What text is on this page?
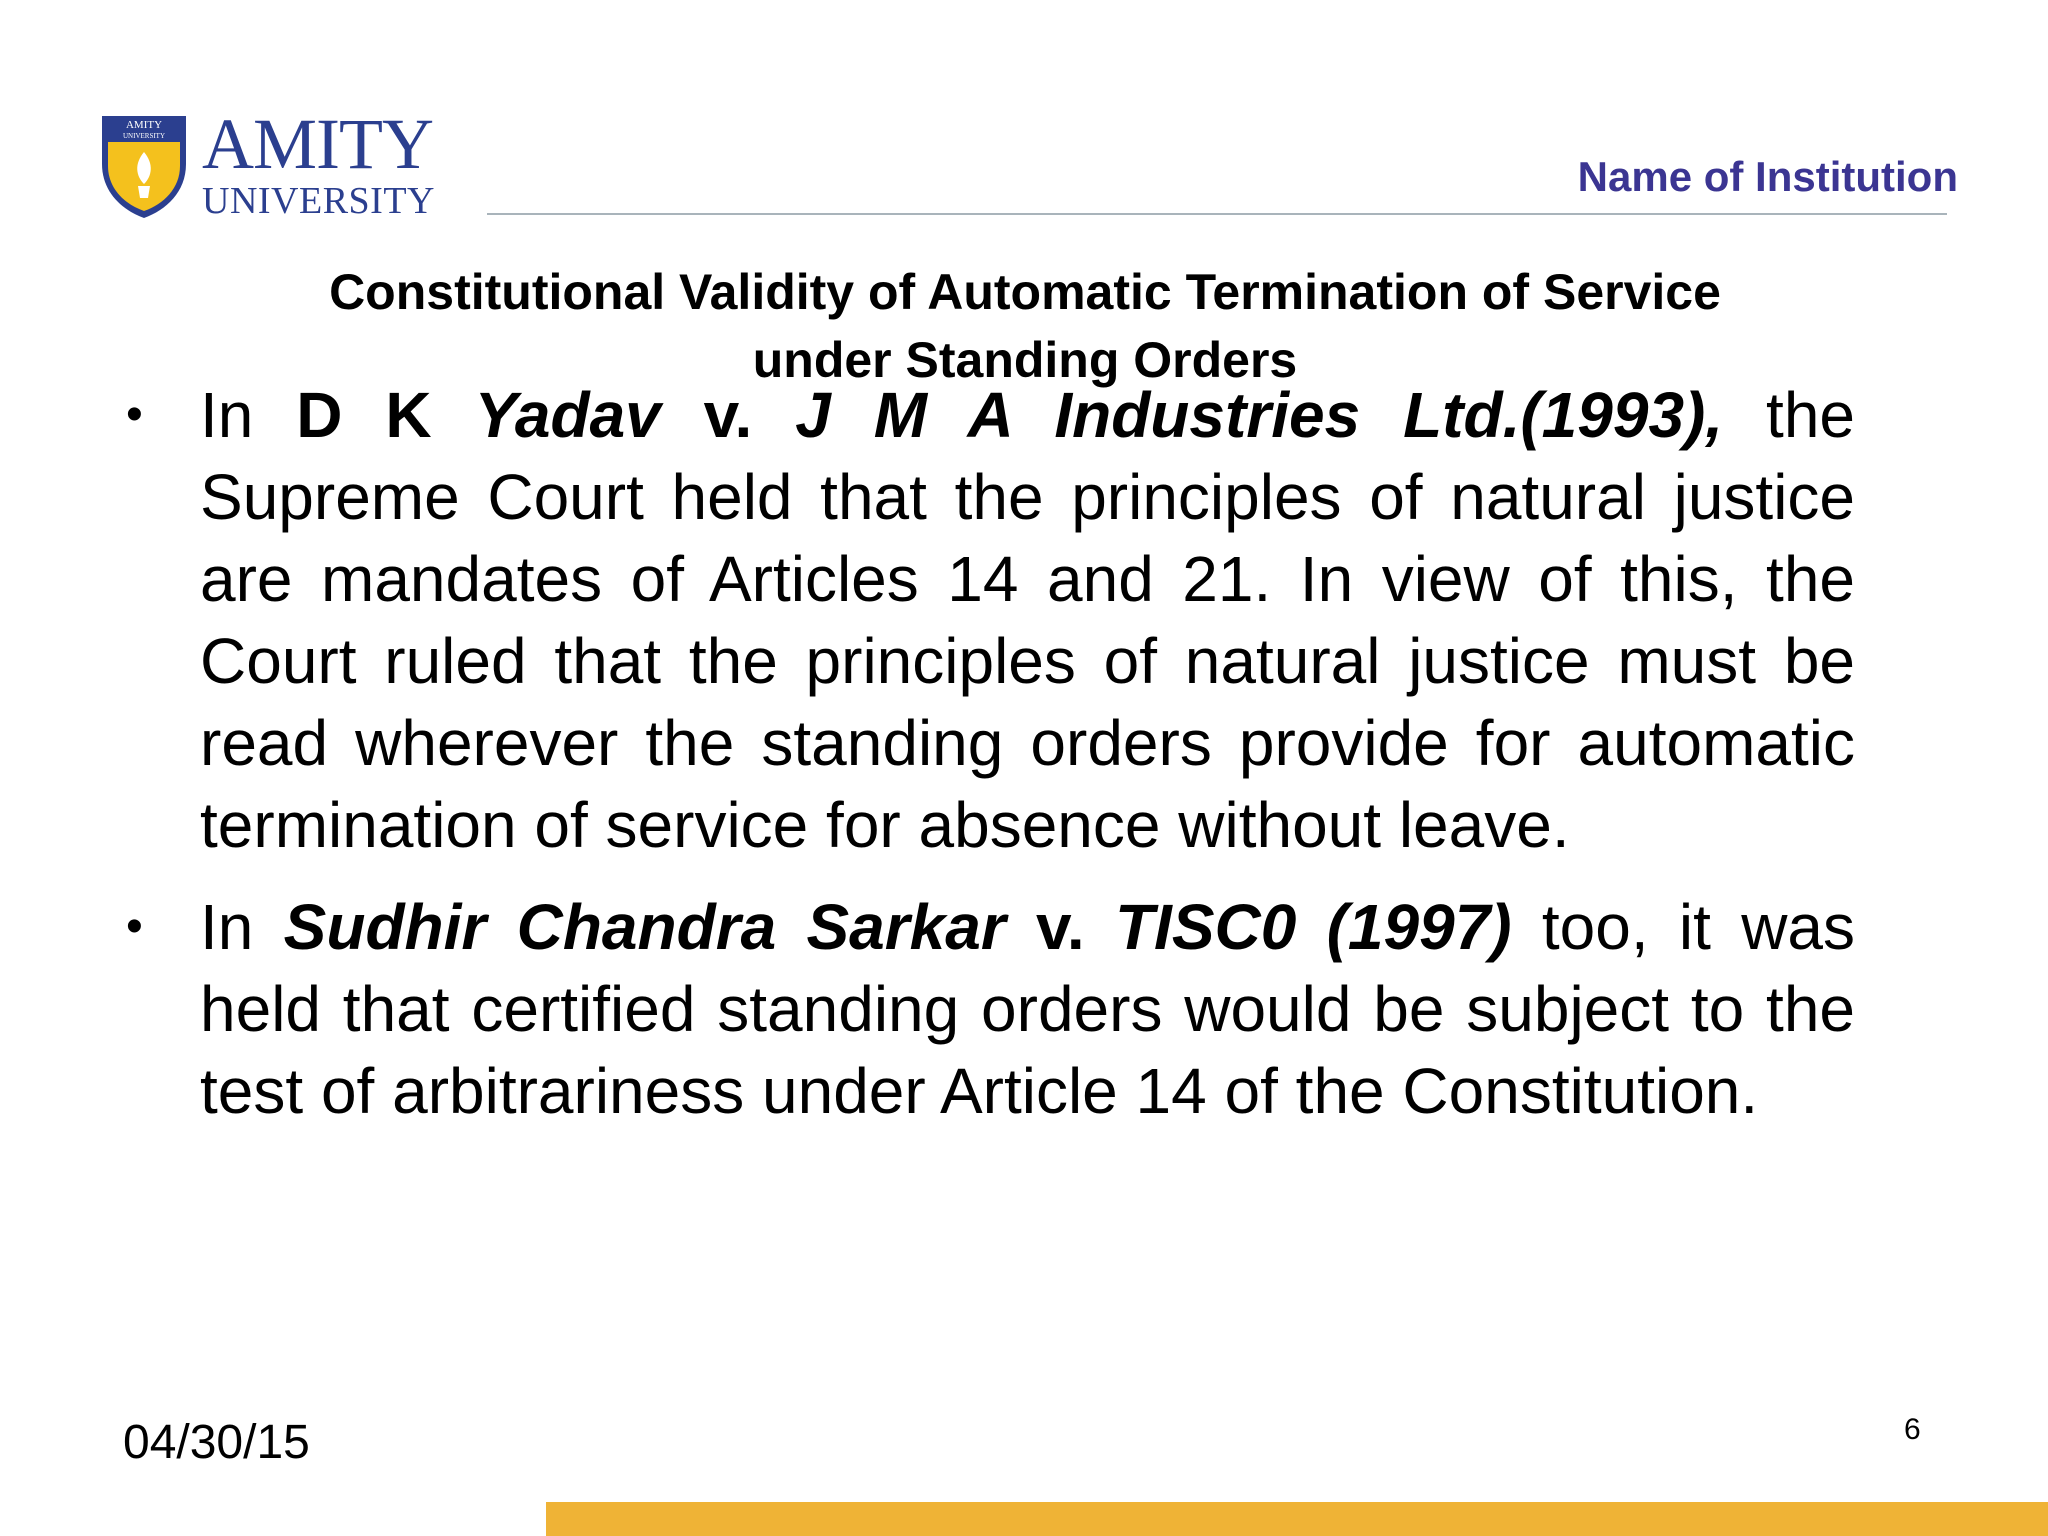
AMITY
UNIVERSITY AMITY
UNIVERSITY
Name of Institution
Constitutional Validity of Automatic Termination of Service
under Standing Orders
• In D K Yadav v. J M A Industries Ltd.(1993), the Supreme Court held that the principles of natural justice are mandates of Articles 14 and 21. In view of this, the Court ruled that the principles of natural justice must be read wherever the standing orders provide for automatic termination of service for absence without leave.
• In Sudhir Chandra Sarkar v. TISC0 (1997) too, it was held that certified standing orders would be subject to the test of arbitrariness under Article 14 of the Constitution.
04/30/15	6
